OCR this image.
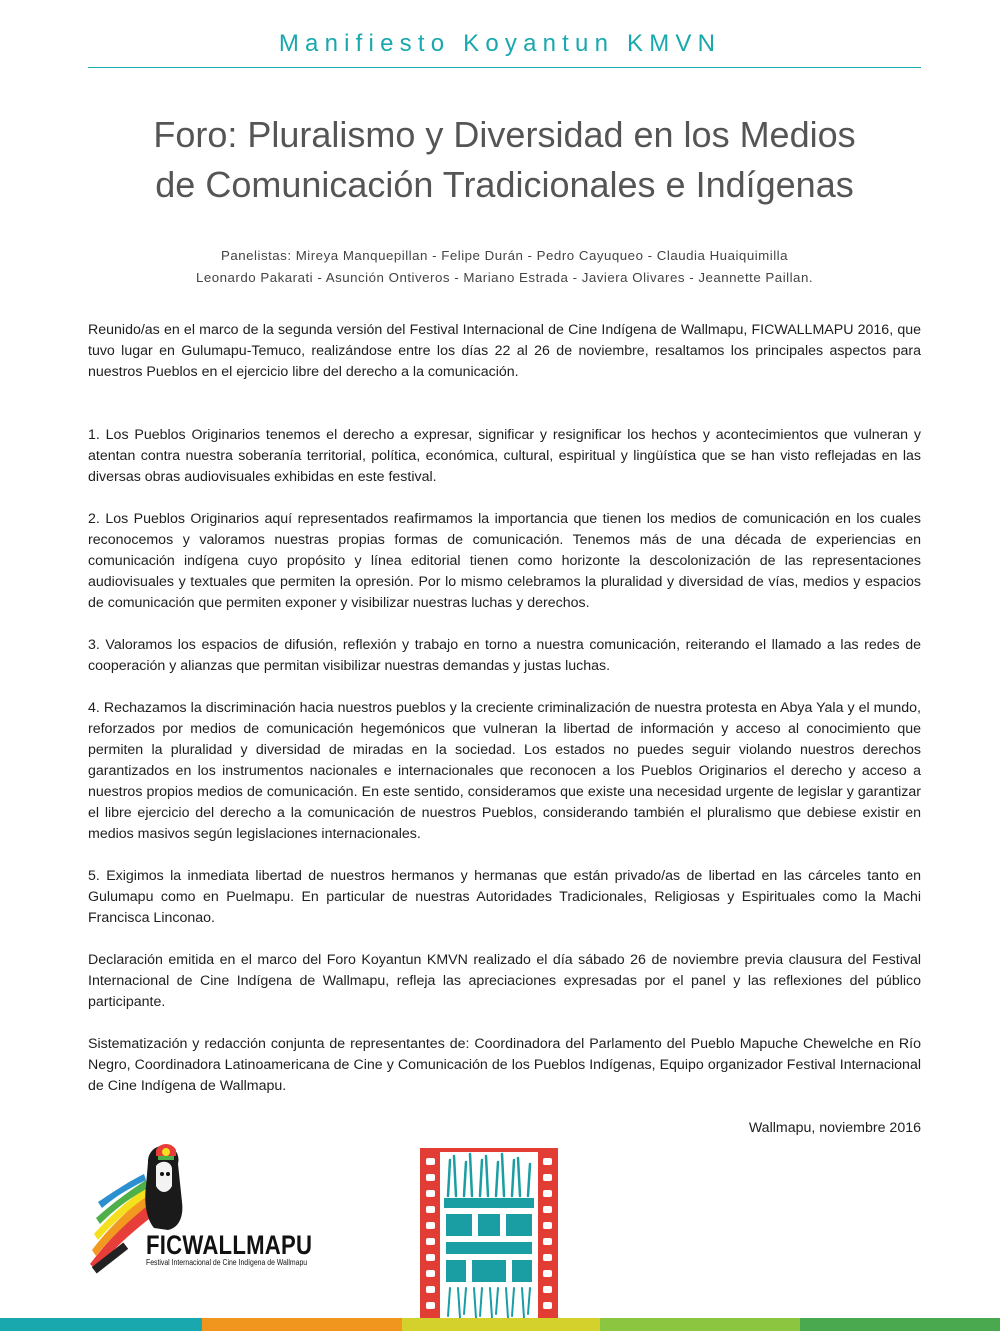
Manifiesto Koyantun KMVN
Foro: Pluralismo y Diversidad en los Medios
de Comunicación Tradicionales e Indígenas
Panelistas: Mireya Manquepillan - Felipe Durán - Pedro Cayuqueo - Claudia Huaiquimilla
Leonardo Pakarati - Asunción Ontiveros - Mariano Estrada - Javiera Olivares - Jeannette Paillan.

Reunido/as en el marco de la segunda versión del Festival Internacional de Cine Indígena de Wallmapu, FICWALLMAPU 2016, que tuvo lugar en Gulumapu-Temuco, realizándose entre los días 22 al 26 de noviembre, resaltamos los principales aspectos para nuestros Pueblos en el ejercicio libre del derecho a la comunicación.

1. Los Pueblos Originarios tenemos el derecho a expresar, significar y resignificar los hechos y acontecimientos que vulneran y atentan contra nuestra soberanía territorial, política, económica, cultural, espiritual y lingüística que se han visto reflejadas en las diversas obras audiovisuales exhibidas en este festival.

2. Los Pueblos Originarios aquí representados reafirmamos la importancia que tienen los medios de comunicación en los cuales reconocemos y valoramos nuestras propias formas de comunicación. Tenemos más de una década de experiencias en comunicación indígena cuyo propósito y línea editorial tienen como horizonte la descolonización de las representaciones audiovisuales y textuales que permiten la opresión. Por lo mismo celebramos la pluralidad y diversidad de vías, medios y espacios de comunicación que permiten exponer y visibilizar nuestras luchas y derechos.

3. Valoramos los espacios de difusión, reflexión y trabajo en torno a nuestra comunicación, reiterando el llamado a las redes de cooperación y alianzas que permitan visibilizar nuestras demandas y justas luchas.

4. Rechazamos la discriminación hacia nuestros pueblos y la creciente criminalización de nuestra protesta en Abya Yala y el mundo, reforzados por medios de comunicación hegemónicos que vulneran la libertad de información y acceso al conocimiento que permiten la pluralidad y diversidad de miradas en la sociedad. Los estados no puedes seguir violando nuestros derechos garantizados en los instrumentos nacionales e internacionales que reconocen a los Pueblos Originarios el derecho y acceso a nuestros propios medios de comunicación. En este sentido, consideramos que existe una necesidad urgente de legislar y garantizar el libre ejercicio del derecho a la comunicación de nuestros Pueblos, considerando también el pluralismo que debiese existir en medios masivos según legislaciones internacionales.

5. Exigimos la inmediata libertad de nuestros hermanos y hermanas que están privado/as de libertad en las cárceles tanto en Gulumapu como en Puelmapu. En particular de nuestras Autoridades Tradicionales, Religiosas y Espirituales como la Machi Francisca Linconao.

Declaración emitida en el marco del Foro Koyantun KMVN realizado el día sábado 26 de noviembre previa clausura del Festival Internacional de Cine Indígena de Wallmapu, refleja las apreciaciones expresadas por el panel y las reflexiones del público participante.

Sistematización y redacción conjunta de representantes de: Coordinadora del Parlamento del Pueblo Mapuche Chewelche en Río Negro, Coordinadora Latinoamericana de Cine y Comunicación de los Pueblos Indígenas, Equipo organizador Festival Internacional de Cine Indígena de Wallmapu.

Wallmapu, noviembre 2016

FICWALLMAPU
Festival Internacional de Cine Indígena de Wallmapu
